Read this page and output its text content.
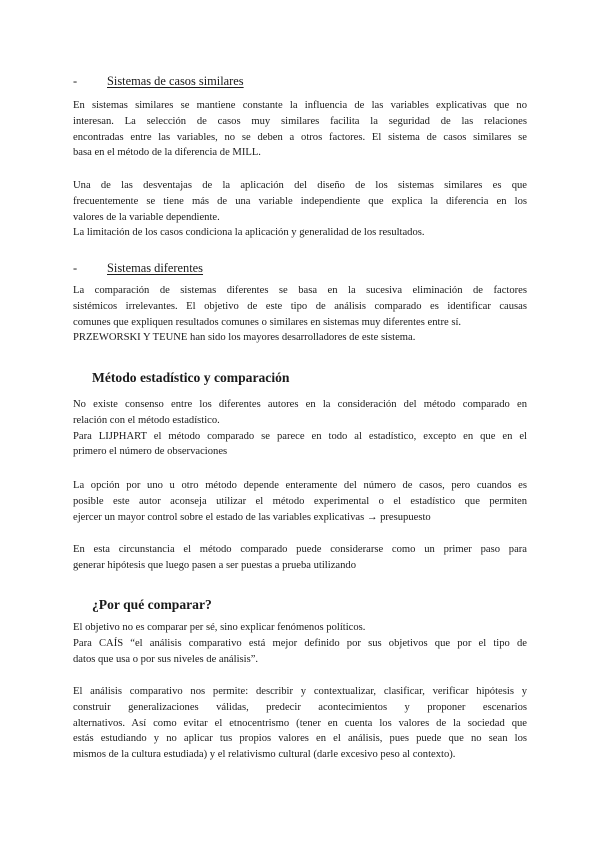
- Sistemas de casos similares
En sistemas similares se mantiene constante la influencia de las variables explicativas que no
interesan. La selección de casos muy similares facilita la seguridad de las relaciones
encontradas entre las variables, no se deben a otros factores. El sistema de casos similares se
basa en el método de la diferencia de MILL.
Una de las desventajas de la aplicación del diseño de los sistemas similares es que
frecuentemente se tiene más de una variable independiente que explica la diferencia en los
valores de la variable dependiente.
La limitación de los casos condiciona la aplicación y generalidad de los resultados.
- Sistemas diferentes
La comparación de sistemas diferentes se basa en la sucesiva eliminación de factores
sistémicos irrelevantes. El objetivo de este tipo de análisis comparado es identificar causas
comunes que expliquen resultados comunes o similares en sistemas muy diferentes entre sí.
PRZEWORSKI Y TEUNE han sido los mayores desarrolladores de este sistema.
Método estadístico y comparación
No existe consenso entre los diferentes autores en la consideración del método comparado en
relación con el método estadístico.
Para LIJPHART el método comparado se parece en todo al estadístico, excepto en que en el
primero el número de observaciones
La opción por uno u otro método depende enteramente del número de casos, pero cuandos es
posible este autor aconseja utilizar el método experimental o el estadístico que permiten
ejercer un mayor control sobre el estado de las variables explicativas → presupuesto
En esta circunstancia el método comparado puede considerarse como un primer paso para
generar hipótesis que luego pasen a ser puestas a prueba utilizando
¿Por qué comparar?
El objetivo no es comparar per sé, sino explicar fenómenos políticos.
Para CAÍS “el análisis comparativo está mejor definido por sus objetivos que por el tipo de
datos que usa o por sus niveles de análisis”.
El análisis comparativo nos permite: describir y contextualizar, clasificar, verificar hipótesis y
construir generalizaciones válidas, predecir acontecimientos y proponer escenarios
alternativos. Así como evitar el etnocentrismo (tener en cuenta los valores de la sociedad que
estás estudiando y no aplicar tus propios valores en el análisis, pues puede que no sean los
mismos de la cultura estudiada) y el relativismo cultural (darle excesivo peso al contexto).
